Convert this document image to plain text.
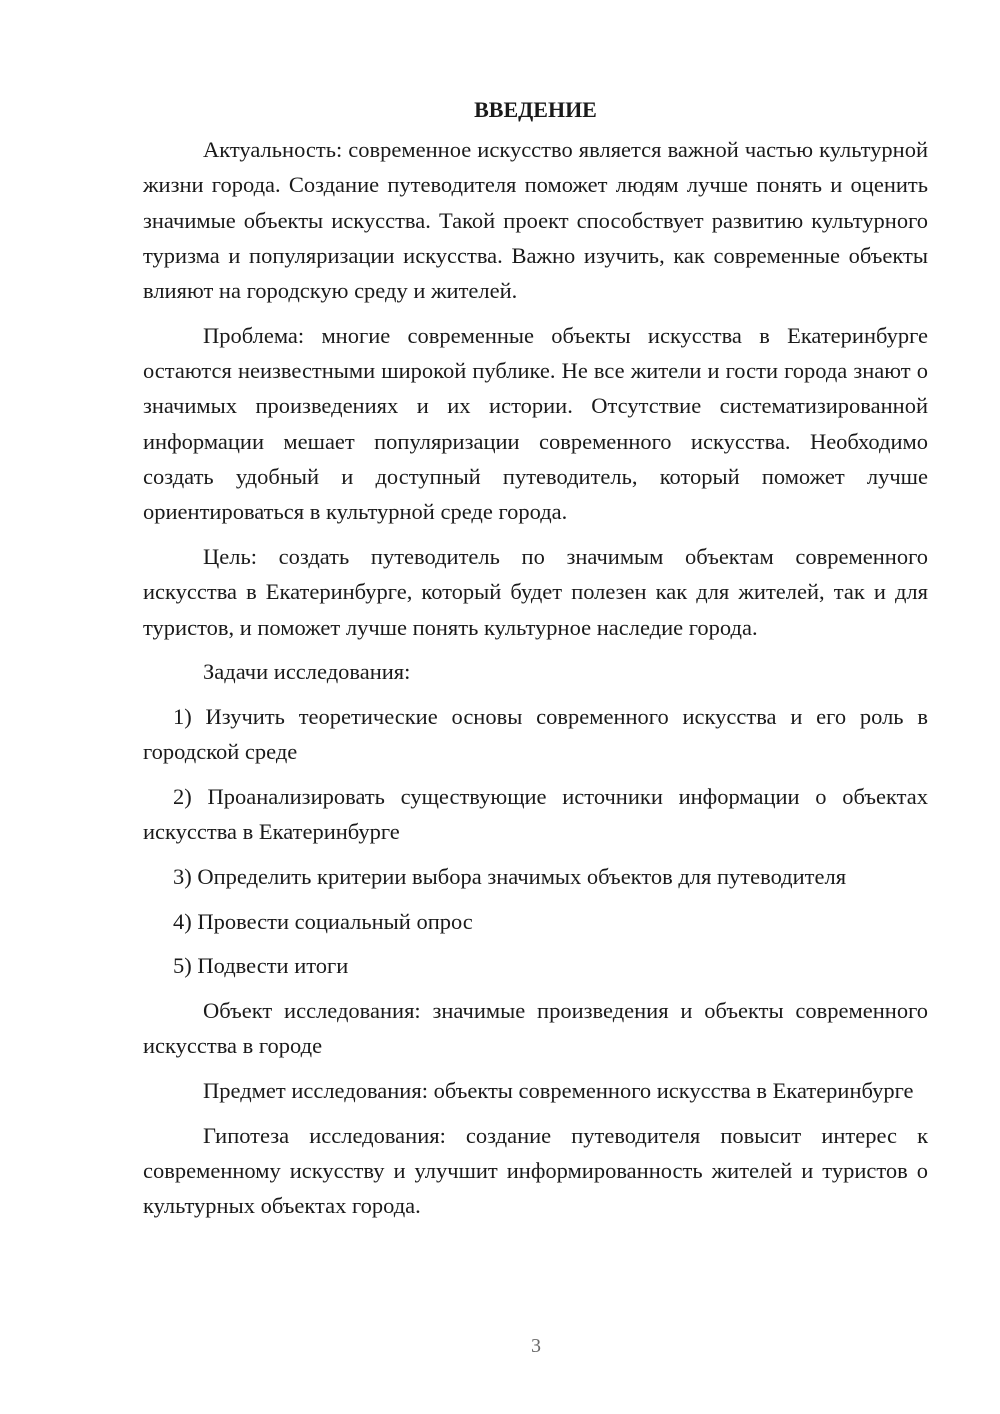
ВВЕДЕНИЕ

Актуальность: современное искусство является важной частью культурной жизни города. Создание путеводителя поможет людям лучше понять и оценить значимые объекты искусства. Такой проект способствует развитию культурного туризма и популяризации искусства. Важно изучить, как современные объекты влияют на городскую среду и жителей.

Проблема: многие современные объекты искусства в Екатеринбурге остаются неизвестными широкой публике. Не все жители и гости города знают о значимых произведениях и их истории. Отсутствие систематизированной информации мешает популяризации современного искусства. Необходимо создать удобный и доступный путеводитель, который поможет лучше ориентироваться в культурной среде города.

Цель: создать путеводитель по значимым объектам современного искусства в Екатеринбурге, который будет полезен как для жителей, так и для туристов, и поможет лучше понять культурное наследие города.

Задачи исследования:

1) Изучить теоретические основы современного искусства и его роль в городской среде

2) Проанализировать существующие источники информации о объектах искусства в Екатеринбурге

3) Определить критерии выбора значимых объектов для путеводителя

4) Провести социальный опрос

5) Подвести итоги

Объект исследования: значимые произведения и объекты современного искусства в городе

Предмет исследования: объекты современного искусства в Екатеринбурге

Гипотеза исследования: создание путеводителя повысит интерес к современному искусству и улучшит информированность жителей и туристов о культурных объектах города.

3
